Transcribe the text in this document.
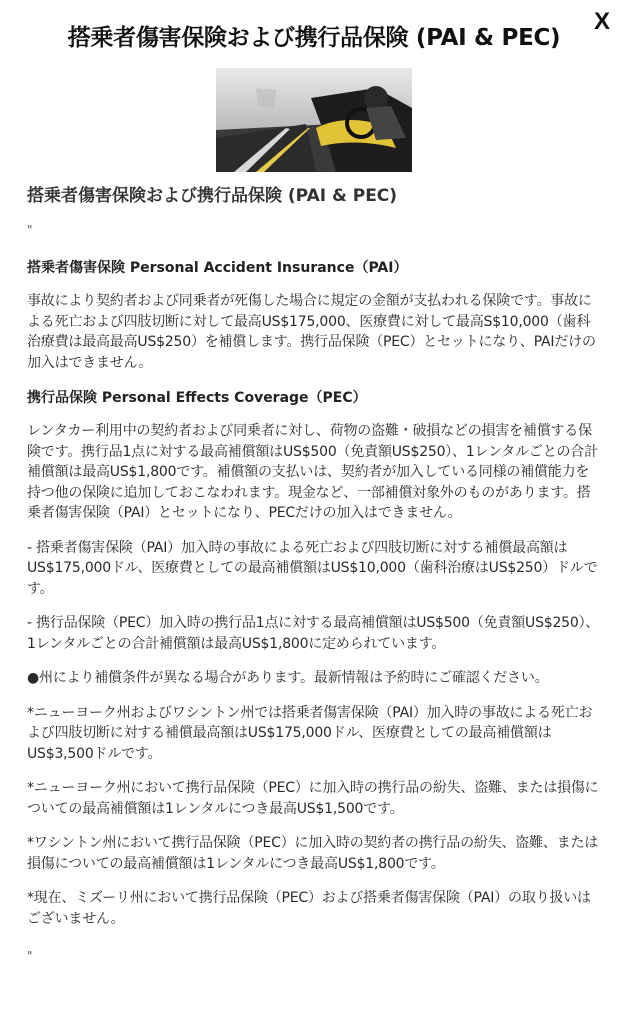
X
搭乗者傷害保険および携行品保険 (PAI & PEC)
搭乗者傷害保険および携行品保険 (PAI & PEC)
"
搭乗者傷害保険 Personal Accident Insurance（PAI）

事故により契約者および同乗者が死傷した場合に規定の金額が支払われる保険です。事故による死亡および四肢切断に対して最高US$175,000、医療費に対して最高S$10,000（歯科治療費は最高最高US$250）を補償します。携行品保険（PEC）とセットになり、PAIだけの加入はできません。

携行品保険 Personal Effects Coverage（PEC）

レンタカー利用中の契約者および同乗者に対し、荷物の盗難・破損などの損害を補償する保険です。携行品1点に対する最高補償額はUS$500（免責額US$250）、1レンタルごとの合計補償額は最高US$1,800です。補償額の支払いは、契約者が加入している同様の補償能力を持つ他の保険に追加しておこなわれます。現金など、一部補償対象外のものがあります。搭乗者傷害保険（PAI）とセットになり、PECだけの加入はできません。

- 搭乗者傷害保険（PAI）加入時の事故による死亡および四肢切断に対する補償最高額はUS$175,000ドル、医療費としての最高補償額はUS$10,000（歯科治療はUS$250）ドルです。

- 携行品保険（PEC）加入時の携行品1点に対する最高補償額はUS$500（免責額US$250）、1レンタルごとの合計補償額は最高US$1,800に定められています。

●州により補償条件が異なる場合があります。最新情報は予約時にご確認ください。

*ニューヨーク州およびワシントン州では搭乗者傷害保険（PAI）加入時の事故による死亡および四肢切断に対する補償最高額はUS$175,000ドル、医療費としての最高補償額はUS$3,500ドルです。

*ニューヨーク州において携行品保険（PEC）に加入時の携行品の紛失、盗難、または損傷についての最高補償額は1レンタルにつき最高US$1,500です。

*ワシントン州において携行品保険（PEC）に加入時の契約者の携行品の紛失、盗難、または損傷についての最高補償額は1レンタルにつき最高US$1,800です。

*現在、ミズーリ州において携行品保険（PEC）および搭乗者傷害保険（PAI）の取り扱いはございません。

"
